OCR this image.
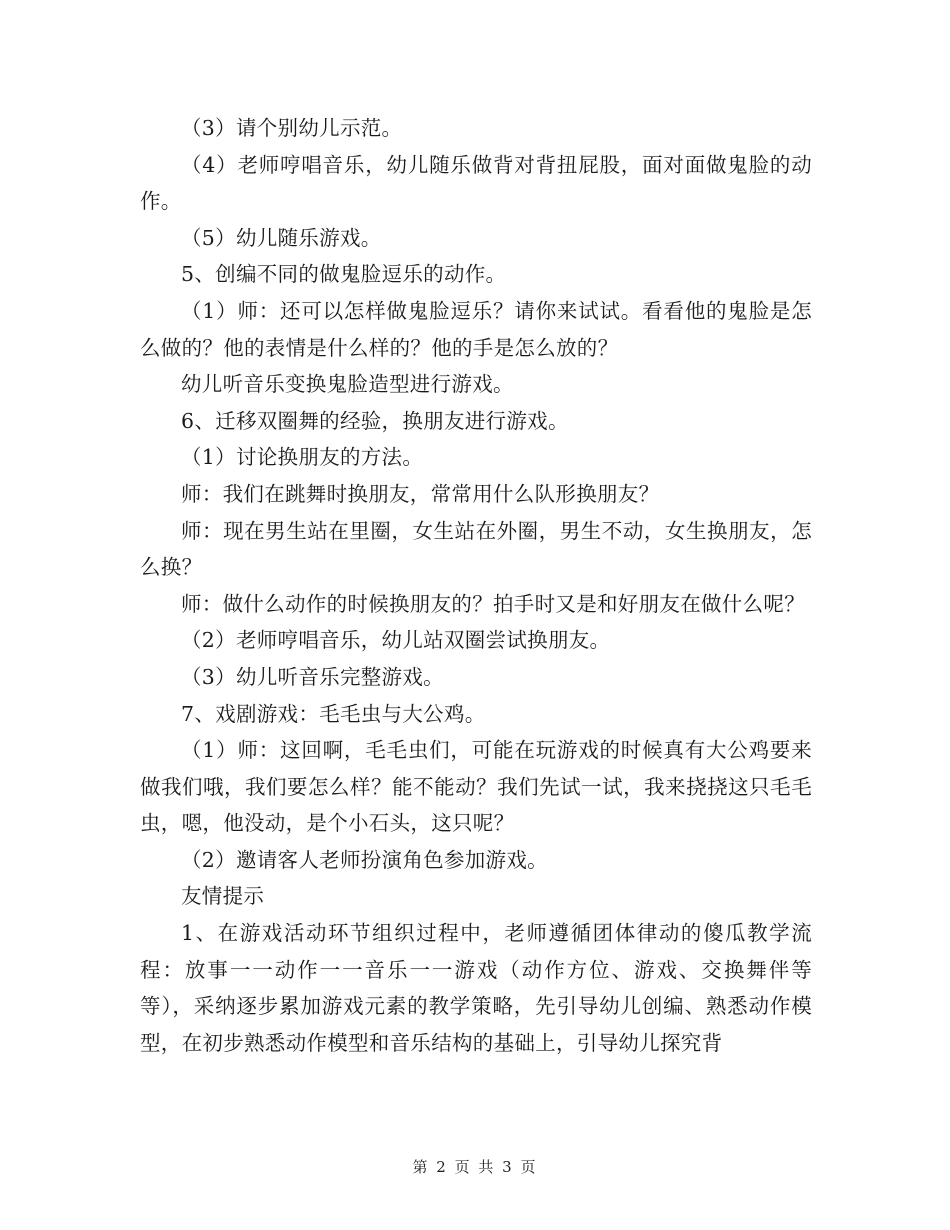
（3）请个别幼儿示范。

（4）老师哼唱音乐，幼儿随乐做背对背扭屁股，面对面做鬼脸的动作。

（5）幼儿随乐游戏。

5、创编不同的做鬼脸逗乐的动作。

（1）师：还可以怎样做鬼脸逗乐？请你来试试。看看他的鬼脸是怎么做的？他的表情是什么样的？他的手是怎么放的？

幼儿听音乐变换鬼脸造型进行游戏。

6、迁移双圈舞的经验，换朋友进行游戏。

（1）讨论换朋友的方法。

师：我们在跳舞时换朋友，常常用什么队形换朋友？

师：现在男生站在里圈，女生站在外圈，男生不动，女生换朋友，怎么换？

师：做什么动作的时候换朋友的？拍手时又是和好朋友在做什么呢？

（2）老师哼唱音乐，幼儿站双圈尝试换朋友。

（3）幼儿听音乐完整游戏。

7、戏剧游戏：毛毛虫与大公鸡。

（1）师：这回啊，毛毛虫们，可能在玩游戏的时候真有大公鸡要来做我们哦，我们要怎么样？能不能动？我们先试一试，我来挠挠这只毛毛虫，嗯，他没动，是个小石头，这只呢？

（2）邀请客人老师扮演角色参加游戏。

友情提示

1、在游戏活动环节组织过程中，老师遵循团体律动的傻瓜教学流程：放事一一动作一一音乐一一游戏（动作方位、游戏、交换舞伴等等），采纳逐步累加游戏元素的教学策略，先引导幼儿创编、熟悉动作模型，在初步熟悉动作模型和音乐结构的基础上，引导幼儿探究背

第 2 页 共 3 页
